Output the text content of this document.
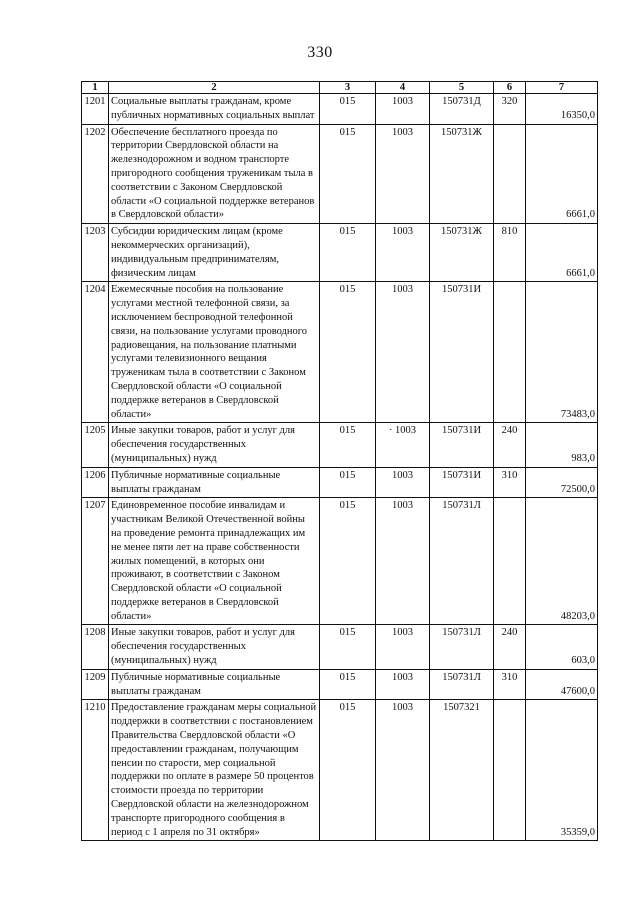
330
1	2	3	4	5	6	7
1201	Социальные выплаты гражданам, кроме публичных нормативных социальных выплат	015	1003	150731Д	320	16350,0
1202	Обеспечение бесплатного проезда по территории Свердловской области на железнодорожном и водном транспорте пригородного сообщения труженикам тыла в соответствии с Законом Свердловской области «О социальной поддержке ветеранов в Свердловской области»	015	1003	150731Ж		6661,0
1203	Субсидии юридическим лицам (кроме некоммерческих организаций), индивидуальным предпринимателям, физическим лицам	015	1003	150731Ж	810	6661,0
1204	Ежемесячные пособия на пользование услугами местной телефонной связи, за исключением беспроводной телефонной связи, на пользование услугами проводного радиовещания, на пользование платными услугами телевизионного вещания труженикам тыла в соответствии с Законом Свердловской области «О социальной поддержке ветеранов в Свердловской области»	015	1003	150731И		73483,0
1205	Иные закупки товаров, работ и услуг для обеспечения государственных (муниципальных) нужд	015	· 1003	150731И	240	983,0
1206	Публичные нормативные социальные выплаты гражданам	015	1003	150731И	310	72500,0
1207	Единовременное пособие инвалидам и участникам Великой Отечественной войны на проведение ремонта принадлежащих им не менее пяти лет на праве собственности жилых помещений, в которых они проживают, в соответствии с Законом Свердловской области «О социальной поддержке ветеранов в Свердловской области»	015	1003	150731Л		48203,0
1208	Иные закупки товаров, работ и услуг для обеспечения государственных (муниципальных) нужд	015	1003	150731Л	240	603,0
1209	Публичные нормативные социальные выплаты гражданам	015	1003	150731Л	310	47600,0
1210	Предоставление гражданам меры социальной поддержки в соответствии с постановлением Правительства Свердловской области «О предоставлении гражданам, получающим пенсии по старости, мер социальной поддержки по оплате в размере 50 процентов стоимости проезда по территории Свердловской области на железнодорожном транспорте пригородного сообщения в период с 1 апреля по 31 октября»	015	1003	1507321		35359,0
